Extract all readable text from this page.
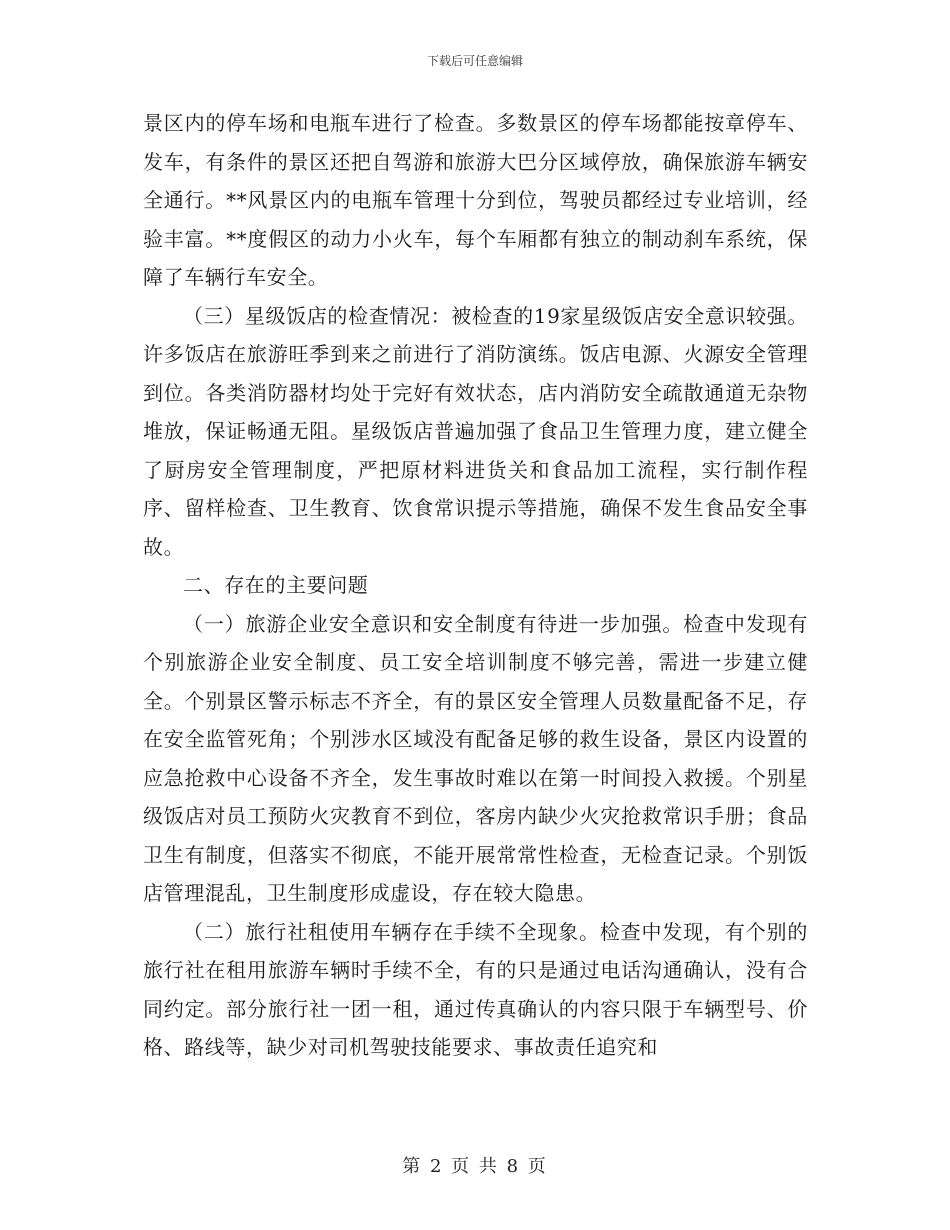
下载后可任意编辑

景区内的停车场和电瓶车进行了检查。多数景区的停车场都能按章停车、发车，有条件的景区还把自驾游和旅游大巴分区域停放，确保旅游车辆安全通行。**风景区内的电瓶车管理十分到位，驾驶员都经过专业培训，经验丰富。**度假区的动力小火车，每个车厢都有独立的制动刹车系统，保障了车辆行车安全。

（三）星级饭店的检查情况：被检查的19家星级饭店安全意识较强。许多饭店在旅游旺季到来之前进行了消防演练。饭店电源、火源安全管理到位。各类消防器材均处于完好有效状态，店内消防安全疏散通道无杂物堆放，保证畅通无阻。星级饭店普遍加强了食品卫生管理力度，建立健全了厨房安全管理制度，严把原材料进货关和食品加工流程，实行制作程序、留样检查、卫生教育、饮食常识提示等措施，确保不发生食品安全事故。

二、存在的主要问题

（一）旅游企业安全意识和安全制度有待进一步加强。检查中发现有个别旅游企业安全制度、员工安全培训制度不够完善，需进一步建立健全。个别景区警示标志不齐全，有的景区安全管理人员数量配备不足，存在安全监管死角；个别涉水区域没有配备足够的救生设备，景区内设置的应急抢救中心设备不齐全，发生事故时难以在第一时间投入救援。个别星级饭店对员工预防火灾教育不到位，客房内缺少火灾抢救常识手册；食品卫生有制度，但落实不彻底，不能开展常常性检查，无检查记录。个别饭店管理混乱，卫生制度形成虚设，存在较大隐患。

（二）旅行社租使用车辆存在手续不全现象。检查中发现，有个别的旅行社在租用旅游车辆时手续不全，有的只是通过电话沟通确认，没有合同约定。部分旅行社一团一租，通过传真确认的内容只限于车辆型号、价格、路线等，缺少对司机驾驶技能要求、事故责任追究和

第 2 页 共 8 页
